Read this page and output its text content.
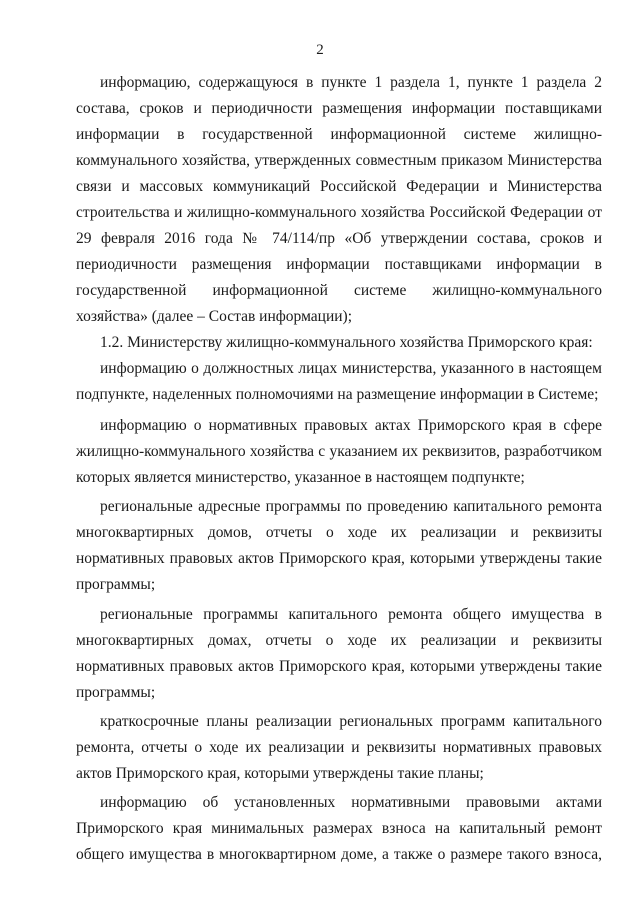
2
информацию, содержащуюся в пункте 1 раздела 1, пункте 1 раздела 2
состава, сроков и периодичности размещения информации поставщиками
информации в государственной информационной системе жилищно-
коммунального хозяйства, утвержденных совместным приказом Министерства
связи и массовых коммуникаций Российской Федерации и Министерства
строительства и жилищно-коммунального хозяйства Российской Федерации от
29 февраля 2016 года № 74/114/пр «Об утверждении состава, сроков и
периодичности размещения информации поставщиками информации в
государственной информационной системе жилищно-коммунального
хозяйства» (далее – Состав информации);
1.2. Министерству жилищно-коммунального хозяйства Приморского края:
информацию о должностных лицах министерства, указанного в настоящем
подпункте, наделенных полномочиями на размещение информации в Системе;
информацию о нормативных правовых актах Приморского края в сфере
жилищно-коммунального хозяйства с указанием их реквизитов, разработчиком
которых является министерство, указанное в настоящем подпункте;
региональные адресные программы по проведению капитального ремонта
многоквартирных домов, отчеты о ходе их реализации и реквизиты
нормативных правовых актов Приморского края, которыми утверждены такие
программы;
региональные программы капитального ремонта общего имущества в
многоквартирных домах, отчеты о ходе их реализации и реквизиты
нормативных правовых актов Приморского края, которыми утверждены такие
программы;
краткосрочные планы реализации региональных программ капитального
ремонта, отчеты о ходе их реализации и реквизиты нормативных правовых
актов Приморского края, которыми утверждены такие планы;
информацию об установленных нормативными правовыми актами
Приморского края минимальных размерах взноса на капитальный ремонт
общего имущества в многоквартирном доме, а также о размере такого взноса,
